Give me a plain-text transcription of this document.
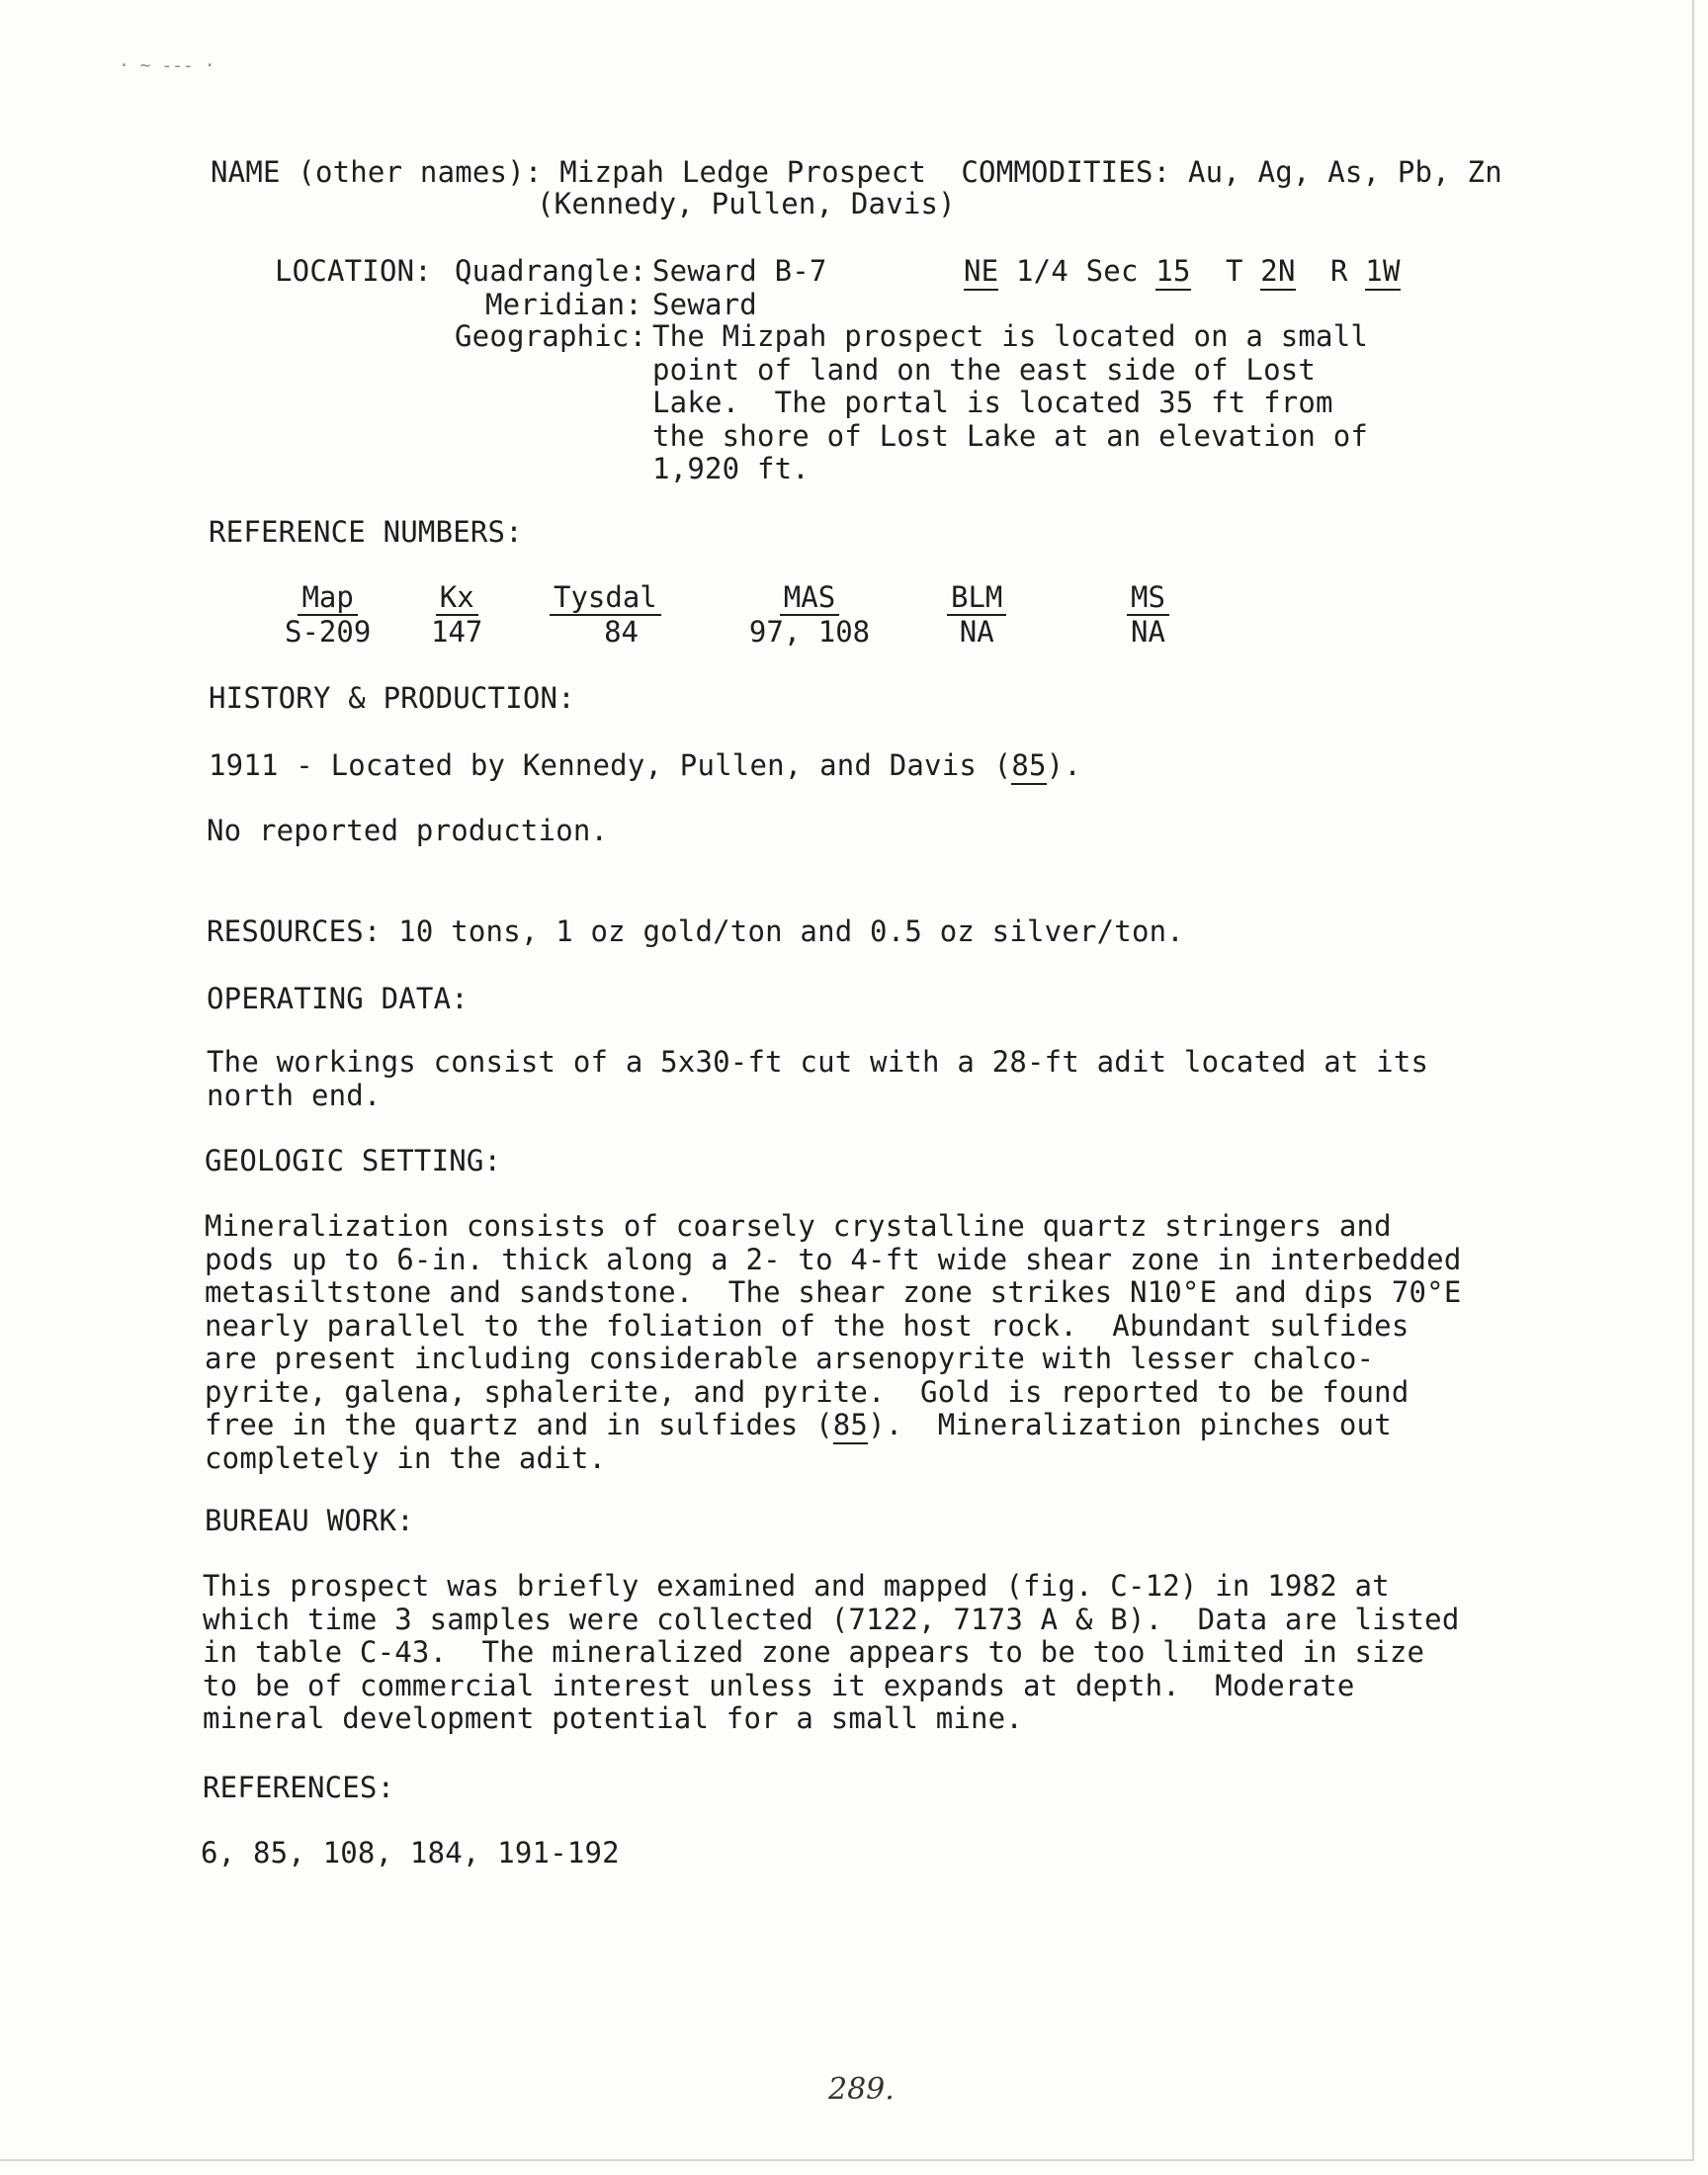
· ~ -‑‑ ·
NAME (other names): Mizpah Ledge Prospect COMMODITIES: Au, Ag, As, Pb, Zn
(Kennedy, Pullen, Davis)
LOCATION: Quadrangle: Seward B-7	NE 1/4 Sec 15 T 2N R 1W
Meridian: Seward
Geographic: The Mizpah prospect is located on a small
point of land on the east side of Lost
Lake.  The portal is located 35 ft from
the shore of Lost Lake at an elevation of
1,920 ft.
REFERENCE NUMBERS:
Map
S-209
Kx
147
Tysdal
84
MAS
97, 108
BLM
NA
MS
NA
HISTORY & PRODUCTION:
1911 - Located by Kennedy, Pullen, and Davis (85).
No reported production.
RESOURCES: 10 tons, 1 oz gold/ton and 0.5 oz silver/ton.
OPERATING DATA:
The workings consist of a 5x30-ft cut with a 28-ft adit located at its
north end.
GEOLOGIC SETTING:
Mineralization consists of coarsely crystalline quartz stringers and
pods up to 6-in. thick along a 2- to 4-ft wide shear zone in interbedded
metasiltstone and sandstone.  The shear zone strikes N10°E and dips 70°E
nearly parallel to the foliation of the host rock.  Abundant sulfides
are present including considerable arsenopyrite with lesser chalco-
pyrite, galena, sphalerite, and pyrite.  Gold is reported to be found
free in the quartz and in sulfides (85).  Mineralization pinches out
completely in the adit.
BUREAU WORK:
This prospect was briefly examined and mapped (fig. C-12) in 1982 at
which time 3 samples were collected (7122, 7173 A & B).  Data are listed
in table C-43.  The mineralized zone appears to be too limited in size
to be of commercial interest unless it expands at depth.  Moderate
mineral development potential for a small mine.
REFERENCES:
6, 85, 108, 184, 191-192
289.
